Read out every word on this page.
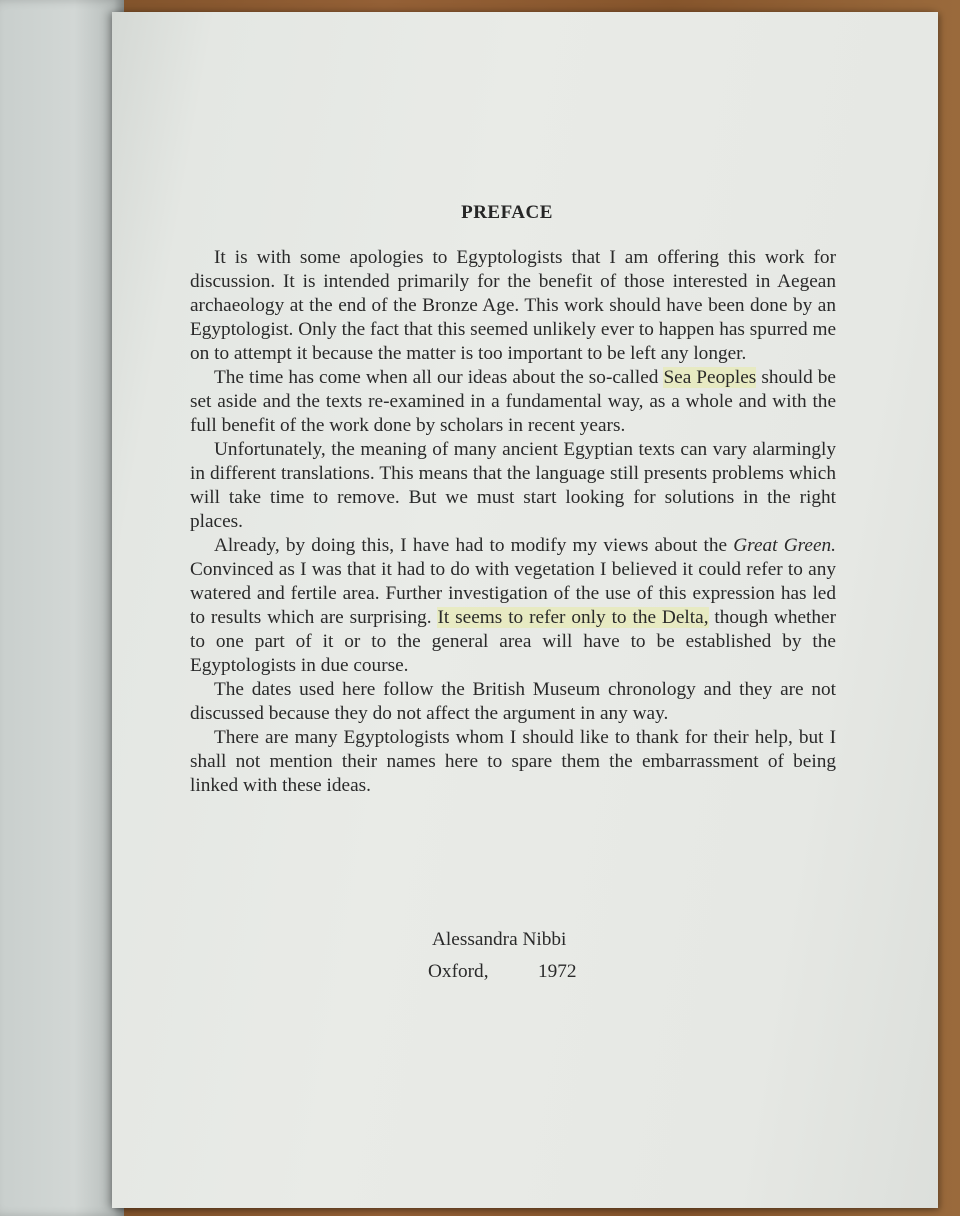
PREFACE

It is with some apologies to Egyptologists that I am offering this work for discussion. It is intended primarily for the benefit of those interested in Aegean archaeology at the end of the Bronze Age. This work should have been done by an Egyptologist. Only the fact that this seemed unlikely ever to happen has spurred me on to attempt it because the matter is too important to be left any longer.

The time has come when all our ideas about the so-called Sea Peoples should be set aside and the texts re-examined in a fundamental way, as a whole and with the full benefit of the work done by scholars in recent years.

Unfortunately, the meaning of many ancient Egyptian texts can vary alarmingly in different translations. This means that the language still presents problems which will take time to remove. But we must start looking for solutions in the right places.

Already, by doing this, I have had to modify my views about the Great Green. Convinced as I was that it had to do with vegetation I believed it could refer to any watered and fertile area. Further investigation of the use of this expression has led to results which are surprising. It seems to refer only to the Delta, though whether to one part of it or to the general area will have to be established by the Egyptologists in due course.

The dates used here follow the British Museum chronology and they are not discussed because they do not affect the argument in any way.

There are many Egyptologists whom I should like to thank for their help, but I shall not mention their names here to spare them the embarrassment of being linked with these ideas.

Alessandra Nibbi
Oxford,	1972
